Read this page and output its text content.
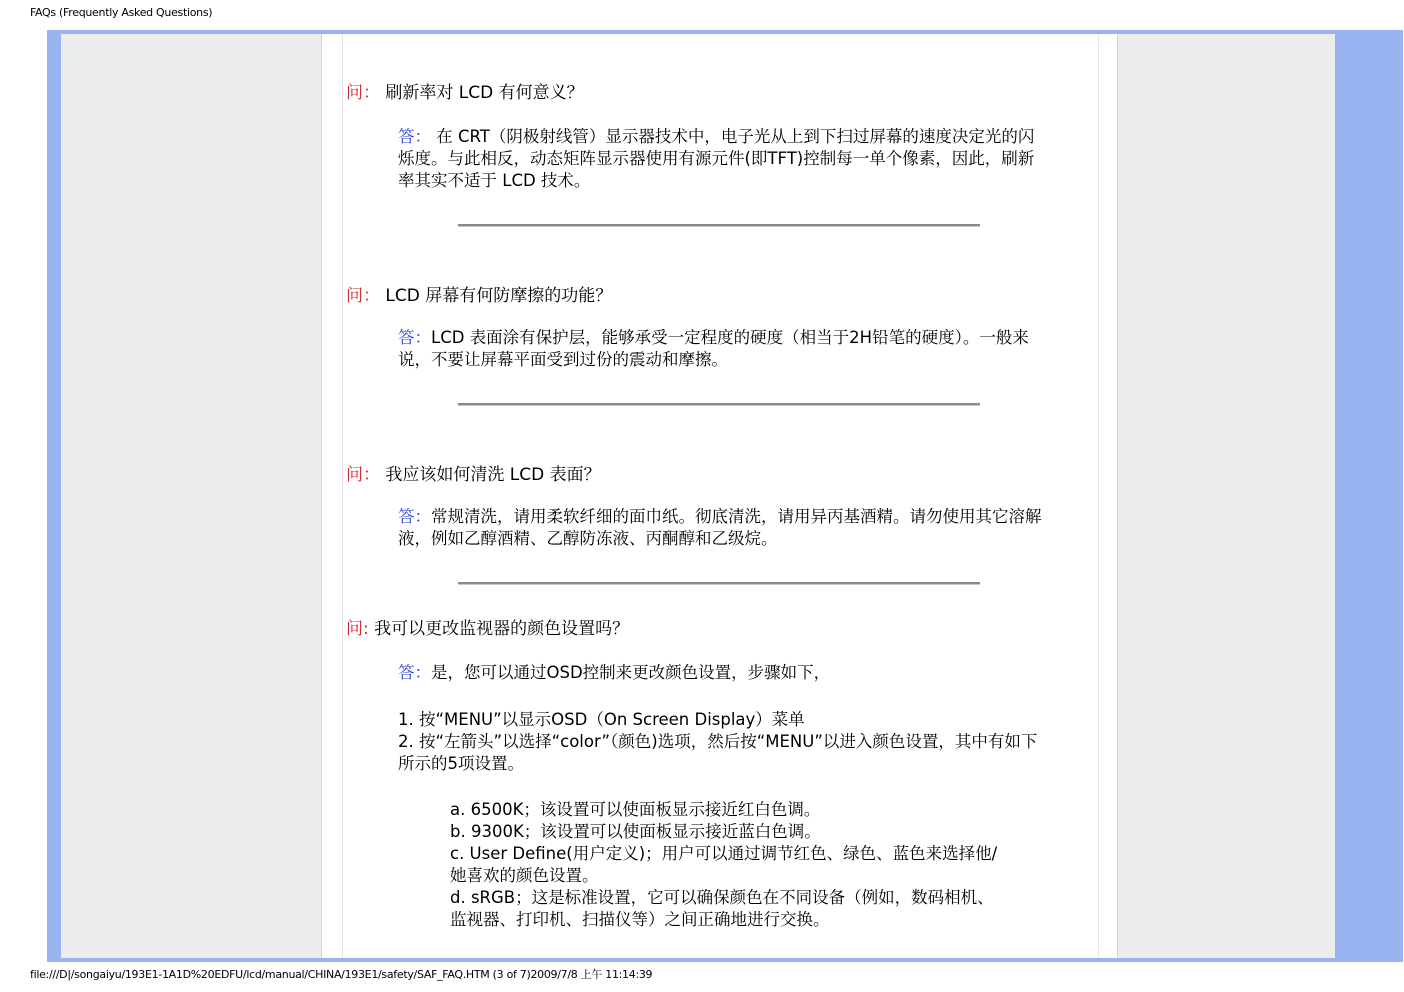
FAQs (Frequently Asked Questions)
问： 刷新率对 LCD 有何意义？

答： 在 CRT（阴极射线管）显示器技术中，电子光从上到下扫过屏幕的速度决定光的闪烁度。与此相反，动态矩阵显示器使用有源元件(即TFT)控制每一单个像素，因此，刷新率其实不适于 LCD 技术。

问： LCD 屏幕有何防摩擦的功能？

答：LCD 表面涂有保护层，能够承受一定程度的硬度（相当于2H铅笔的硬度）。一般来说，不要让屏幕平面受到过份的震动和摩擦。

问： 我应该如何清洗 LCD 表面？

答：常规清洗，请用柔软纤细的面巾纸。彻底清洗，请用异丙基酒精。请勿使用其它溶解液，例如乙醇酒精、乙醇防冻液、丙酮醇和乙级烷。

问: 我可以更改监视器的颜色设置吗？

答：是，您可以通过OSD控制来更改颜色设置，步骤如下，

1. 按“MENU”以显示OSD（On Screen Display）菜单

2. 按“左箭头”以选择“color”（颜色)选项，然后按“MENU”以进入颜色设置，其中有如下所示的5项设置。

a. 6500K；该设置可以使面板显示接近红白色调。

b. 9300K；该设置可以使面板显示接近蓝白色调。

c. User Define(用户定义)；用户可以通过调节红色、绿色、蓝色来选择他/她喜欢的颜色设置。

d. sRGB；这是标准设置，它可以确保颜色在不同设备（例如，数码相机、监视器、打印机、扫描仪等）之间正确地进行交换。

file:///D|/songaiyu/193E1-1A1D%20EDFU/lcd/manual/CHINA/193E1/safety/SAF_FAQ.HTM (3 of 7)2009/7/8 上午 11:14:39
